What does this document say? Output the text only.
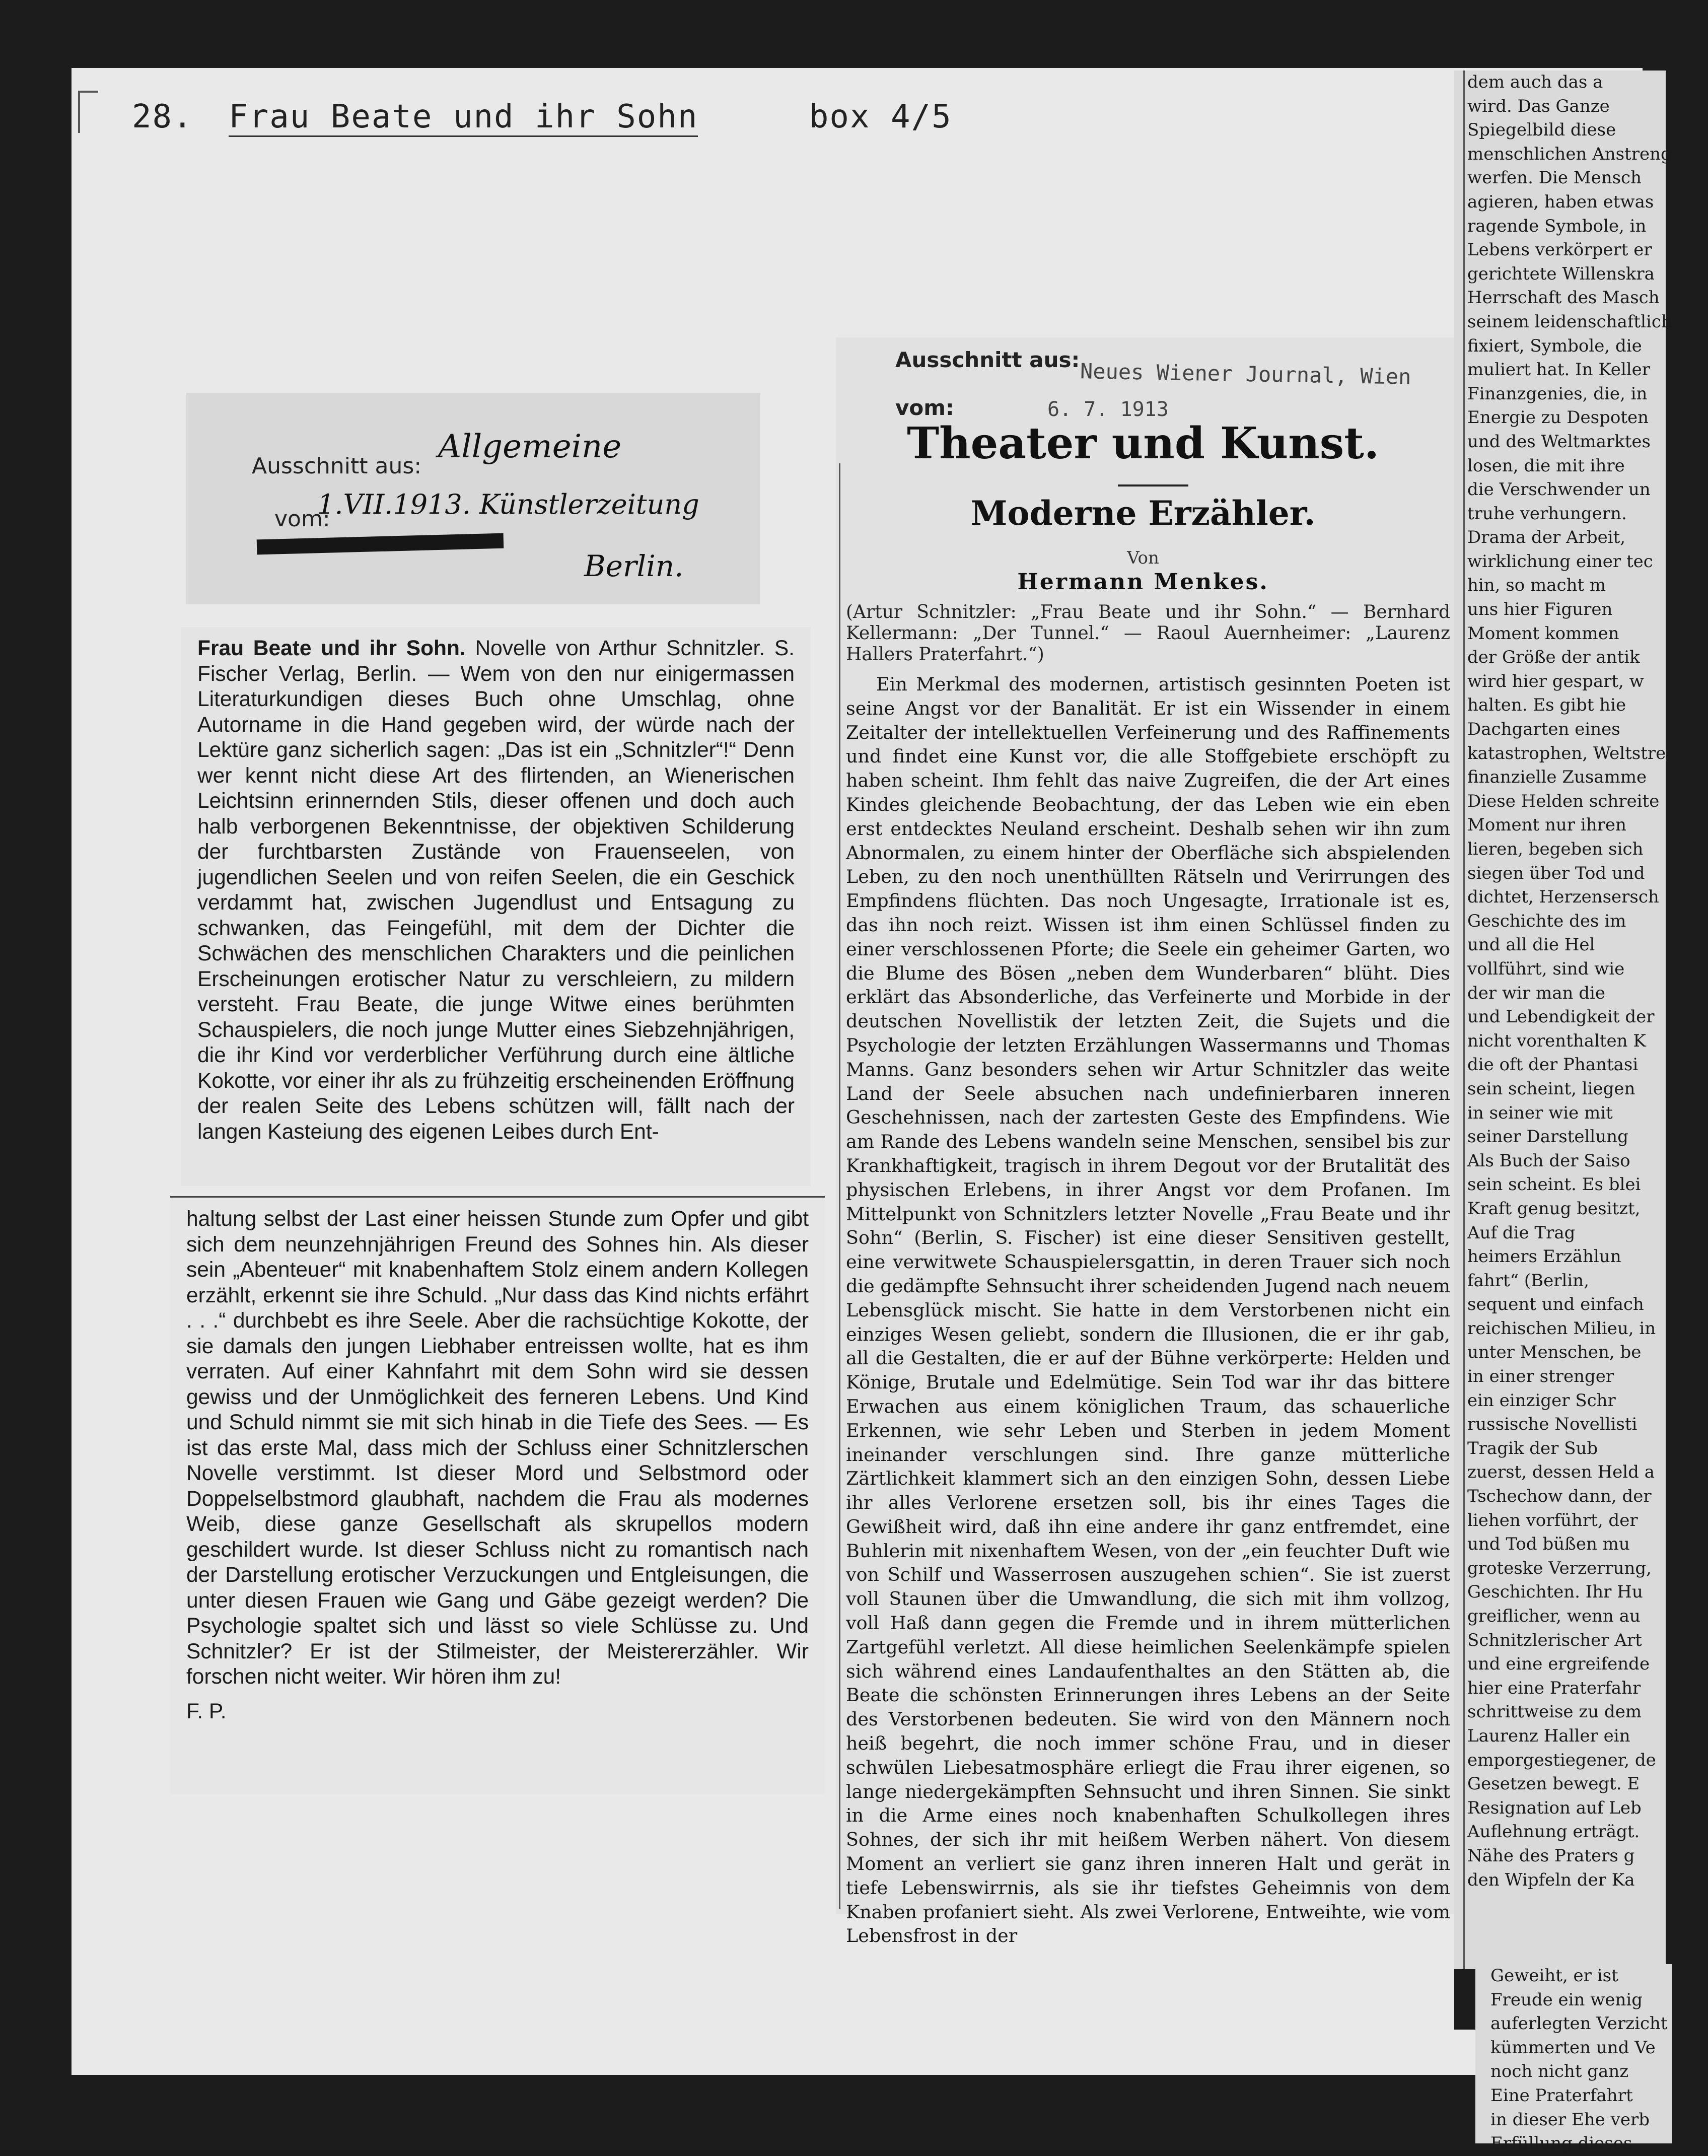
28. Frau Beate und ihr Sohn	box 4/5
Ausschnitt aus:
Allgemeine
vom:
1.VII.1913. Künstlerzeitung
Berlin.

Frau Beate und ihr Sohn. Novelle von Arthur Schnitzler. S. Fischer Verlag, Berlin. — Wem von den nur einigermassen Literaturkundigen dieses Buch ohne Umschlag, ohne Autorname in die Hand gegeben wird, der würde nach der Lektüre ganz sicherlich sagen: „Das ist ein „Schnitzler“!“ Denn wer kennt nicht diese Art des flirtenden, an Wienerischen Leichtsinn erinnernden Stils, dieser offenen und doch auch halb verborgenen Bekenntnisse, der objektiven Schilderung der furchtbarsten Zustände von Frauenseelen, von jugendlichen Seelen und von reifen Seelen, die ein Geschick verdammt hat, zwischen Jugendlust und Entsagung zu schwanken, das Feingefühl, mit dem der Dichter die Schwächen des menschlichen Charakters und die peinlichen Erscheinungen erotischer Natur zu verschleiern, zu mildern versteht. Frau Beate, die junge Witwe eines berühmten Schauspielers, die noch junge Mutter eines Siebzehnjährigen, die ihr Kind vor verderblicher Verführung durch eine ältliche Kokotte, vor einer ihr als zu frühzeitig erscheinenden Eröffnung der realen Seite des Lebens schützen will, fällt nach der langen Kasteiung des eigenen Leibes durch Ent-

haltung selbst der Last einer heissen Stunde zum Opfer und gibt sich dem neunzehnjährigen Freund des Sohnes hin. Als dieser sein „Abenteuer“ mit knabenhaftem Stolz einem andern Kollegen erzählt, erkennt sie ihre Schuld. „Nur dass das Kind nichts erfährt . . .“ durchbebt es ihre Seele. Aber die rachsüchtige Kokotte, der sie damals den jungen Liebhaber entreissen wollte, hat es ihm verraten. Auf einer Kahnfahrt mit dem Sohn wird sie dessen gewiss und der Unmöglichkeit des ferneren Lebens. Und Kind und Schuld nimmt sie mit sich hinab in die Tiefe des Sees. — Es ist das erste Mal, dass mich der Schluss einer Schnitzlerschen Novelle verstimmt. Ist dieser Mord und Selbstmord oder Doppelselbstmord glaubhaft, nachdem die Frau als modernes Weib, diese ganze Gesellschaft als skrupellos modern geschildert wurde. Ist dieser Schluss nicht zu romantisch nach der Darstellung erotischer Verzuckungen und Entgleisungen, die unter diesen Frauen wie Gang und Gäbe gezeigt werden? Die Psychologie spaltet sich und lässt so viele Schlüsse zu. Und Schnitzler? Er ist der Stilmeister, der Meistererzähler. Wir forschen nicht weiter. Wir hören ihm zu!

F. P.

Ausschnitt aus: Neues Wiener Journal, Wien
vom:	6. 7. 1913
Theater und Kunst.
Moderne Erzähler.
Von
Hermann Menkes.
(Artur Schnitzler: „Frau Beate und ihr Sohn.“ — Bernhard Kellermann: „Der Tunnel.“ — Raoul Auernheimer: „Laurenz Hallers Praterfahrt.“)

Ein Merkmal des modernen, artistisch gesinnten Poeten ist seine Angst vor der Banalität. Er ist ein Wissender in einem Zeitalter der intellektuellen Verfeinerung und des Raffinements und findet eine Kunst vor, die alle Stoffgebiete erschöpft zu haben scheint. Ihm fehlt das naive Zugreifen, die der Art eines Kindes gleichende Beobachtung, der das Leben wie ein eben erst entdecktes Neuland erscheint. Deshalb sehen wir ihn zum Abnormalen, zu einem hinter der Oberfläche sich abspielenden Leben, zu den noch unenthüllten Rätseln und Verirrungen des Empfindens flüchten. Das noch Ungesagte, Irrationale ist es, das ihn noch reizt. Wissen ist ihm einen Schlüssel finden zu einer verschlossenen Pforte; die Seele ein geheimer Garten, wo die Blume des Bösen „neben dem Wunderbaren“ blüht. Dies erklärt das Absonderliche, das Verfeinerte und Morbide in der deutschen Novellistik der letzten Zeit, die Sujets und die Psychologie der letzten Erzählungen Wassermanns und Thomas Manns. Ganz besonders sehen wir Artur Schnitzler das weite Land der Seele absuchen nach undefinierbaren inneren Geschehnissen, nach der zartesten Geste des Empfindens. Wie am Rande des Lebens wandeln seine Menschen, sensibel bis zur Krankhaftigkeit, tragisch in ihrem Degout vor der Brutalität des physischen Erlebens, in ihrer Angst vor dem Profanen. Im Mittelpunkt von Schnitzlers letzter Novelle „Frau Beate und ihr Sohn“ (Berlin, S. Fischer) ist eine dieser Sensitiven gestellt, eine verwitwete Schauspielersgattin, in deren Trauer sich noch die gedämpfte Sehnsucht ihrer scheidenden Jugend nach neuem Lebensglück mischt. Sie hatte in dem Verstorbenen nicht ein einziges Wesen geliebt, sondern die Illusionen, die er ihr gab, all die Gestalten, die er auf der Bühne verkörperte: Helden und Könige, Brutale und Edelmütige. Sein Tod war ihr das bittere Erwachen aus einem königlichen Traum, das schauerliche Erkennen, wie sehr Leben und Sterben in jedem Moment ineinander verschlungen sind. Ihre ganze mütterliche Zärtlichkeit klammert sich an den einzigen Sohn, dessen Liebe ihr alles Verlorene ersetzen soll, bis ihr eines Tages die Gewißheit wird, daß ihn eine andere ihr ganz entfremdet, eine Buhlerin mit nixenhaftem Wesen, von der „ein feuchter Duft wie von Schilf und Wasserrosen auszugehen schien“. Sie ist zuerst voll Staunen über die Umwandlung, die sich mit ihm vollzog, voll Haß dann gegen die Fremde und in ihrem mütterlichen Zartgefühl verletzt. All diese heimlichen Seelenkämpfe spielen sich während eines Landaufenthaltes an den Stätten ab, die Beate die schönsten Erinnerungen ihres Lebens an der Seite des Verstorbenen bedeuten. Sie wird von den Männern noch heiß begehrt, die noch immer schöne Frau, und in dieser schwülen Liebesatmosphäre erliegt die Frau ihrer eigenen, so lange niedergekämpften Sehnsucht und ihren Sinnen. Sie sinkt in die Arme eines noch knabenhaften Schulkollegen ihres Sohnes, der sich ihr mit heißem Werben nähert. Von diesem Moment an verliert sie ganz ihren inneren Halt und gerät in tiefe Lebenswirrnis, als sie ihr tiefstes Geheimnis von dem Knaben profaniert sieht. Als zwei Verlorene, Entweihte, wie vom Lebensfrost in der

dem auch das a
wird. Das Ganze
Spiegelbild diese
menschlichen Anstreng
werfen. Die Mensch
agieren, haben etwas
ragende Symbole, in
Lebens verkörpert er
gerichtete Willenskra
Herrschaft des Masch
seinem leidenschaftlich
fixiert, Symbole, die
muliert hat. In Keller
Finanzgenies, die, in
Energie zu Despoten
und des Weltmarktes
losen, die mit ihre
die Verschwender un
truhe verhungern.
Drama der Arbeit,
wirklichung einer tec
hin, so macht m
uns hier Figuren
Moment kommen
der Größe der antik
wird hier gespart, w
halten. Es gibt hie
Dachgarten eines
katastrophen, Weltstre
finanzielle Zusamme
Diese Helden schreite
Moment nur ihren
lieren, begeben sich
siegen über Tod und
dichtet, Herzensersch
Geschichte des im
und all die Hel
vollführt, sind wie
der wir man die
und Lebendigkeit der
nicht vorenthalten K
die oft der Phantasi
sein scheint, liegen
in seiner wie mit
seiner Darstellung
Als Buch der Saiso
sein scheint. Es blei
Kraft genug besitzt,
Auf die Trag
heimers Erzählun
fahrt“ (Berlin,
sequent und einfach
reichischen Milieu, in
unter Menschen, be
in einer strenger
ein einziger Schr
russische Novellisti
Tragik der Sub
zuerst, dessen Held a
Tschechow dann, der
liehen vorführt, der
und Tod büßen mu
groteske Verzerrung,
Geschichten. Ihr Hu
greiflicher, wenn au
Schnitzlerischer Art
und eine ergreifende
hier eine Praterfahr
schrittweise zu dem
Laurenz Haller ein
emporgestiegener, de
Gesetzen bewegt. E
Resignation auf Leb
Auflehnung erträgt.
Nähe des Praters g
den Wipfeln der Ka
Geweiht, er ist
Freude ein wenig
auferlegten Verzicht
kümmerten und Ve
noch nicht ganz
Eine Praterfahrt
in dieser Ehe verb
Erfüllung dieses
